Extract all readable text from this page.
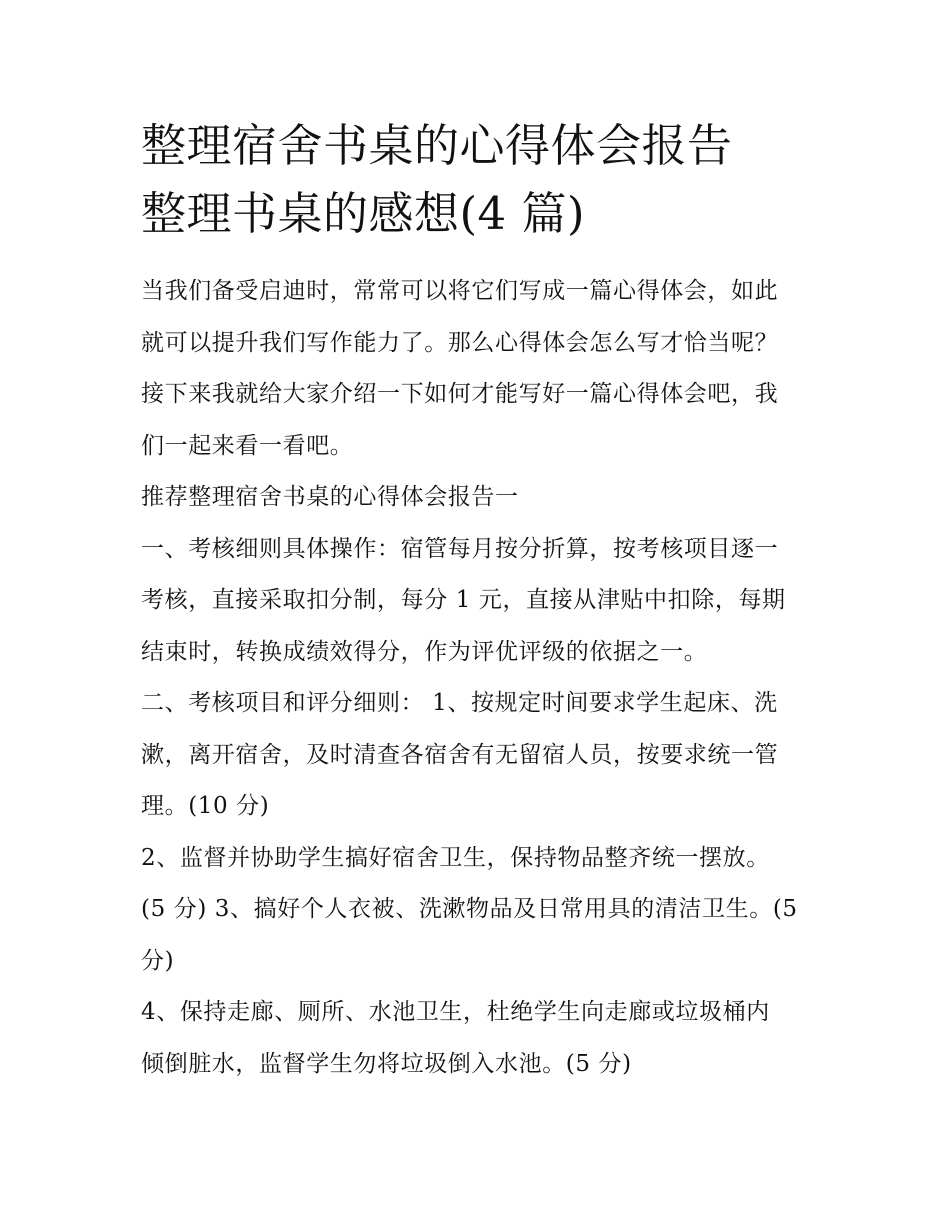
整理宿舍书桌的心得体会报告
整理书桌的感想(4 篇)
当我们备受启迪时，常常可以将它们写成一篇心得体会，如此
就可以提升我们写作能力了。那么心得体会怎么写才恰当呢？
接下来我就给大家介绍一下如何才能写好一篇心得体会吧，我
们一起来看一看吧。
推荐整理宿舍书桌的心得体会报告一
一、考核细则具体操作：宿管每月按分折算，按考核项目逐一
考核，直接采取扣分制，每分 1 元，直接从津贴中扣除，每期
结束时，转换成绩效得分，作为评优评级的依据之一。
二、考核项目和评分细则： 1、按规定时间要求学生起床、洗
漱，离开宿舍，及时清查各宿舍有无留宿人员，按要求统一管
理。(10 分)
2、监督并协助学生搞好宿舍卫生，保持物品整齐统一摆放。
(5 分) 3、搞好个人衣被、洗漱物品及日常用具的清洁卫生。(5
分)
4、保持走廊、厕所、水池卫生，杜绝学生向走廊或垃圾桶内
倾倒脏水，监督学生勿将垃圾倒入水池。(5 分)
